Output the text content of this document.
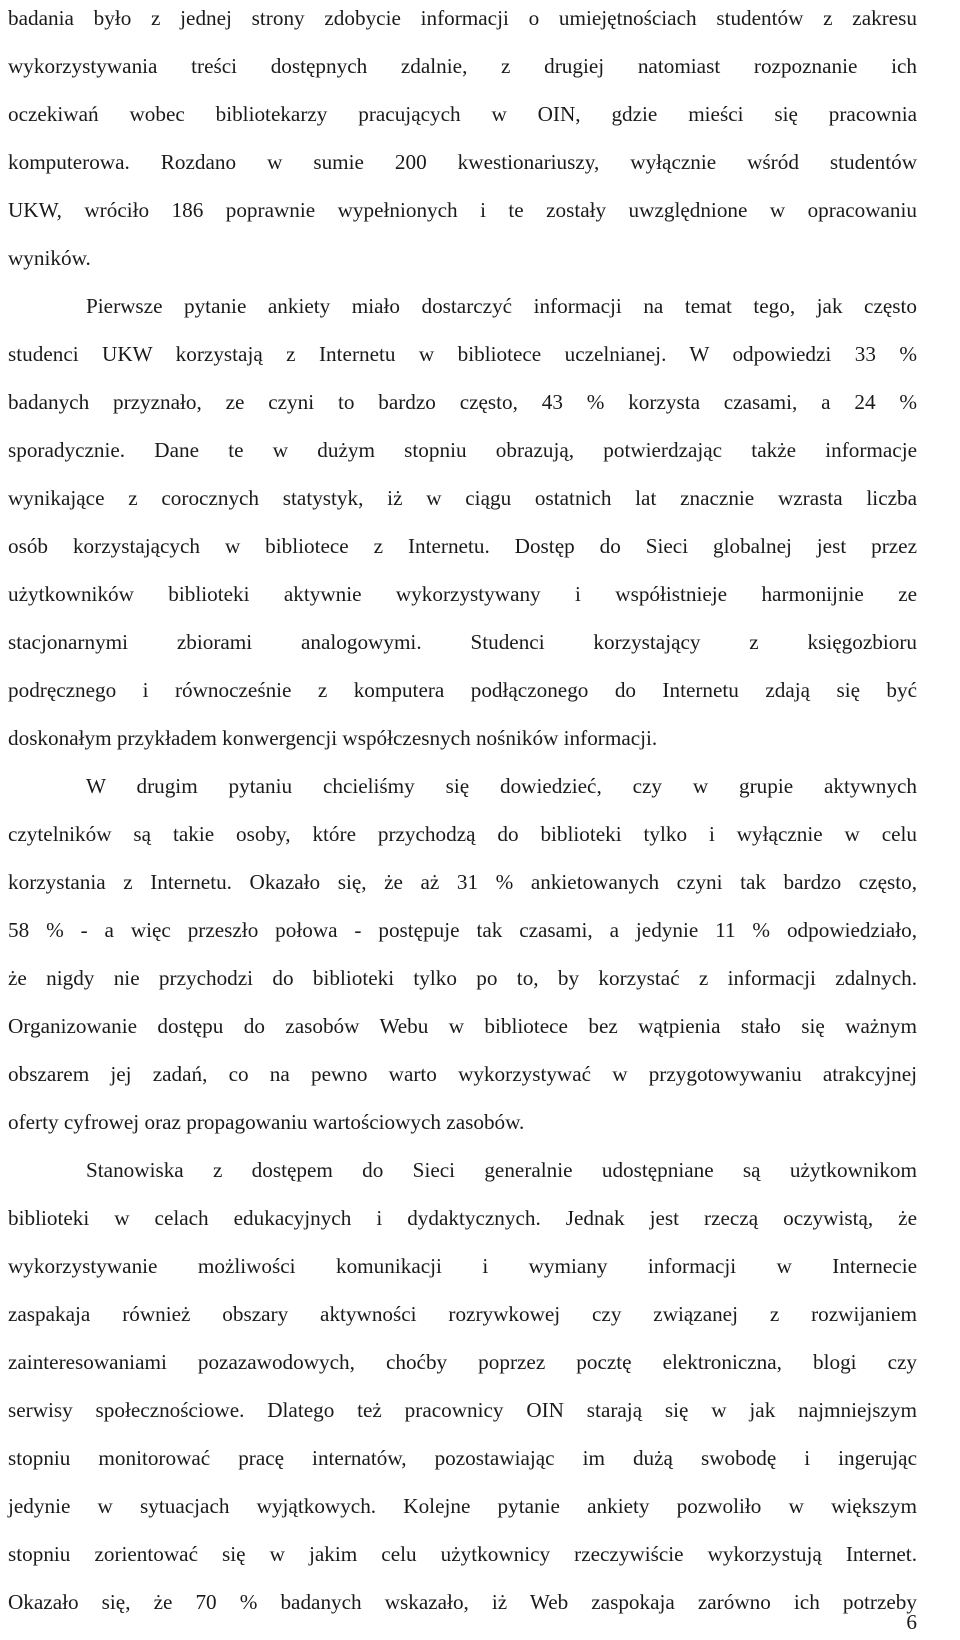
badania było z jednej strony zdobycie informacji o umiejętnościach studentów z zakresu
wykorzystywania treści dostępnych zdalnie, z drugiej natomiast rozpoznanie ich
oczekiwań wobec bibliotekarzy pracujących w OIN, gdzie mieści się pracownia
komputerowa. Rozdano w sumie 200 kwestionariuszy, wyłącznie wśród studentów
UKW, wróciło 186 poprawnie wypełnionych i te zostały uwzględnione w opracowaniu
wyników.
Pierwsze pytanie ankiety miało dostarczyć informacji na temat tego, jak często
studenci UKW korzystają z Internetu w bibliotece uczelnianej. W odpowiedzi 33 %
badanych przyznało, ze czyni to bardzo często, 43 % korzysta czasami, a 24 %
sporadycznie. Dane te w dużym stopniu obrazują, potwierdzając także informacje
wynikające z corocznych statystyk, iż w ciągu ostatnich lat znacznie wzrasta liczba
osób korzystających w bibliotece z Internetu. Dostęp do Sieci globalnej jest przez
użytkowników biblioteki aktywnie wykorzystywany i współistnieje harmonijnie ze
stacjonarnymi zbiorami analogowymi. Studenci korzystający z księgozbioru
podręcznego i równocześnie z komputera podłączonego do Internetu zdają się być
doskonałym przykładem konwergencji współczesnych nośników informacji.
W drugim pytaniu chcieliśmy się dowiedzieć, czy w grupie aktywnych
czytelników są takie osoby, które przychodzą do biblioteki tylko i wyłącznie w celu
korzystania z Internetu. Okazało się, że aż 31 % ankietowanych czyni tak bardzo często,
58 % - a więc przeszło połowa - postępuje tak czasami, a jedynie 11 % odpowiedziało,
że nigdy nie przychodzi do biblioteki tylko po to, by korzystać z informacji zdalnych.
Organizowanie dostępu do zasobów Webu w bibliotece bez wątpienia stało się ważnym
obszarem jej zadań, co na pewno warto wykorzystywać w przygotowywaniu atrakcyjnej
oferty cyfrowej oraz propagowaniu wartościowych zasobów.
Stanowiska z dostępem do Sieci generalnie udostępniane są użytkownikom
biblioteki w celach edukacyjnych i dydaktycznych. Jednak jest rzeczą oczywistą, że
wykorzystywanie możliwości komunikacji i wymiany informacji w Internecie
zaspakaja również obszary aktywności rozrywkowej czy związanej z rozwijaniem
zainteresowaniami pozazawodowych, choćby poprzez pocztę elektroniczna, blogi czy
serwisy społecznościowe. Dlatego też pracownicy OIN starają się w jak najmniejszym
stopniu monitorować pracę internatów, pozostawiając im dużą swobodę i ingerując
jedynie w sytuacjach wyjątkowych. Kolejne pytanie ankiety pozwoliło w większym
stopniu zorientować się w jakim celu użytkownicy rzeczywiście wykorzystują Internet.
Okazało się, że 70 % badanych wskazało, iż Web zaspokaja zarówno ich potrzeby
6
